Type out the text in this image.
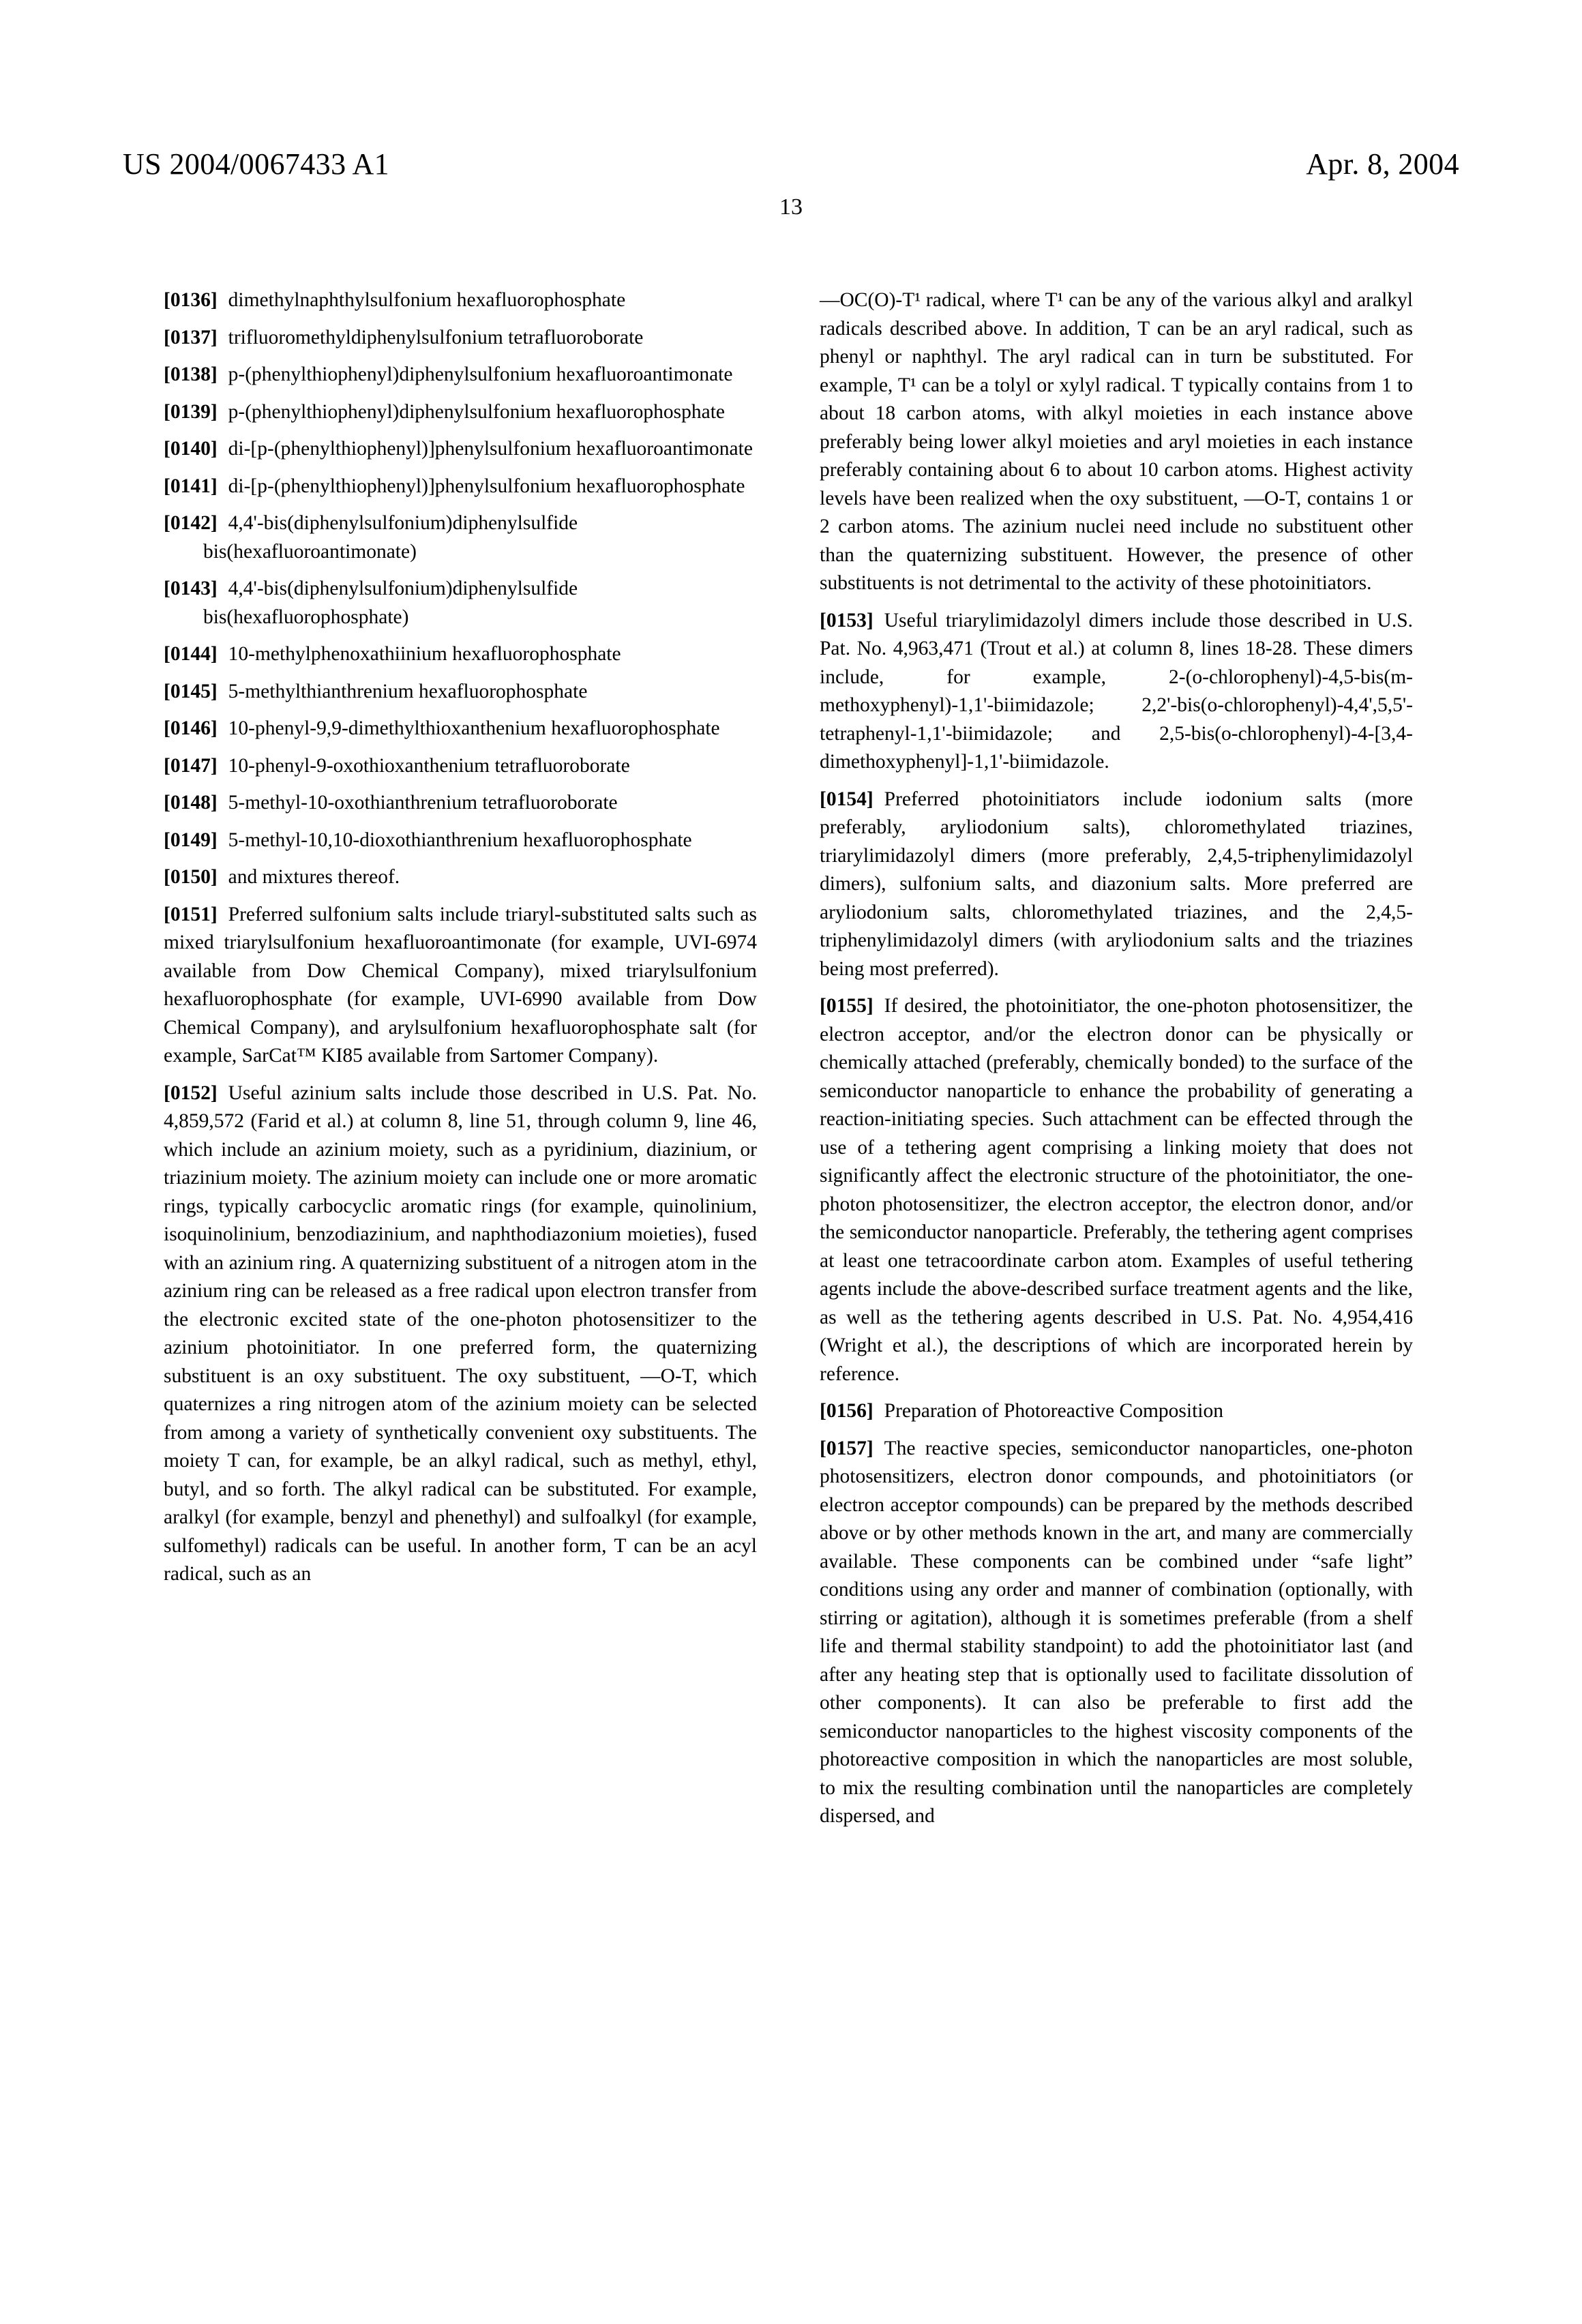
US 2004/0067433 A1	Apr. 8, 2004
13
[0136] dimethylnaphthylsulfonium hexafluorophosphate
[0137] trifluoromethyldiphenylsulfonium tetrafluoroborate
[0138] p-(phenylthiophenyl)diphenylsulfonium hexafluoroantimonate
[0139] p-(phenylthiophenyl)diphenylsulfonium hexafluorophosphate
[0140] di-[p-(phenylthiophenyl)]phenylsulfonium hexafluoroantimonate
[0141] di-[p-(phenylthiophenyl)]phenylsulfonium hexafluorophosphate
[0142] 4,4'-bis(diphenylsulfonium)diphenylsulfide bis(hexafluoroantimonate)
[0143] 4,4'-bis(diphenylsulfonium)diphenylsulfide bis(hexafluorophosphate)
[0144] 10-methylphenoxathiinium hexafluorophosphate
[0145] 5-methylthianthrenium hexafluorophosphate
[0146] 10-phenyl-9,9-dimethylthioxanthenium hexafluorophosphate
[0147] 10-phenyl-9-oxothioxanthenium tetrafluoroborate
[0148] 5-methyl-10-oxothianthrenium tetrafluoroborate
[0149] 5-methyl-10,10-dioxothianthrenium hexafluorophosphate
[0150] and mixtures thereof.
[0151] Preferred sulfonium salts include triaryl-substituted salts such as mixed triarylsulfonium hexafluoroantimonate (for example, UVI-6974 available from Dow Chemical Company), mixed triarylsulfonium hexafluorophosphate (for example, UVI-6990 available from Dow Chemical Company), and arylsulfonium hexafluorophosphate salt (for example, SarCat™ KI85 available from Sartomer Company).
[0152] Useful azinium salts include those described in U.S. Pat. No. 4,859,572 (Farid et al.) at column 8, line 51, through column 9, line 46, which include an azinium moiety, such as a pyridinium, diazinium, or triazinium moiety. The azinium moiety can include one or more aromatic rings, typically carbocyclic aromatic rings (for example, quinolinium, isoquinolinium, benzodiazinium, and naphthodiazonium moieties), fused with an azinium ring. A quaternizing substituent of a nitrogen atom in the azinium ring can be released as a free radical upon electron transfer from the electronic excited state of the one-photon photosensitizer to the azinium photoinitiator. In one preferred form, the quaternizing substituent is an oxy substituent. The oxy substituent, —O-T, which quaternizes a ring nitrogen atom of the azinium moiety can be selected from among a variety of synthetically convenient oxy substituents. The moiety T can, for example, be an alkyl radical, such as methyl, ethyl, butyl, and so forth. The alkyl radical can be substituted. For example, aralkyl (for example, benzyl and phenethyl) and sulfoalkyl (for example, sulfomethyl) radicals can be useful. In another form, T can be an acyl radical, such as an
—OC(O)-T¹ radical, where T¹ can be any of the various alkyl and aralkyl radicals described above. In addition, T can be an aryl radical, such as phenyl or naphthyl. The aryl radical can in turn be substituted. For example, T¹ can be a tolyl or xylyl radical. T typically contains from 1 to about 18 carbon atoms, with alkyl moieties in each instance above preferably being lower alkyl moieties and aryl moieties in each instance preferably containing about 6 to about 10 carbon atoms. Highest activity levels have been realized when the oxy substituent, —O-T, contains 1 or 2 carbon atoms. The azinium nuclei need include no substituent other than the quaternizing substituent. However, the presence of other substituents is not detrimental to the activity of these photoinitiators.
[0153] Useful triarylimidazolyl dimers include those described in U.S. Pat. No. 4,963,471 (Trout et al.) at column 8, lines 18-28. These dimers include, for example, 2-(o-chlorophenyl)-4,5-bis(m-methoxyphenyl)-1,1'-biimidazole; 2,2'-bis(o-chlorophenyl)-4,4',5,5'-tetraphenyl-1,1'-biimidazole; and 2,5-bis(o-chlorophenyl)-4-[3,4-dimethoxyphenyl]-1,1'-biimidazole.
[0154] Preferred photoinitiators include iodonium salts (more preferably, aryliodonium salts), chloromethylated triazines, triarylimidazolyl dimers (more preferably, 2,4,5-triphenylimidazolyl dimers), sulfonium salts, and diazonium salts. More preferred are aryliodonium salts, chloromethylated triazines, and the 2,4,5-triphenylimidazolyl dimers (with aryliodonium salts and the triazines being most preferred).
[0155] If desired, the photoinitiator, the one-photon photosensitizer, the electron acceptor, and/or the electron donor can be physically or chemically attached (preferably, chemically bonded) to the surface of the semiconductor nanoparticle to enhance the probability of generating a reaction-initiating species. Such attachment can be effected through the use of a tethering agent comprising a linking moiety that does not significantly affect the electronic structure of the photoinitiator, the one-photon photosensitizer, the electron acceptor, the electron donor, and/or the semiconductor nanoparticle. Preferably, the tethering agent comprises at least one tetracoordinate carbon atom. Examples of useful tethering agents include the above-described surface treatment agents and the like, as well as the tethering agents described in U.S. Pat. No. 4,954,416 (Wright et al.), the descriptions of which are incorporated herein by reference.
[0156] Preparation of Photoreactive Composition
[0157] The reactive species, semiconductor nanoparticles, one-photon photosensitizers, electron donor compounds, and photoinitiators (or electron acceptor compounds) can be prepared by the methods described above or by other methods known in the art, and many are commercially available. These components can be combined under “safe light” conditions using any order and manner of combination (optionally, with stirring or agitation), although it is sometimes preferable (from a shelf life and thermal stability standpoint) to add the photoinitiator last (and after any heating step that is optionally used to facilitate dissolution of other components). It can also be preferable to first add the semiconductor nanoparticles to the highest viscosity components of the photoreactive composition in which the nanoparticles are most soluble, to mix the resulting combination until the nanoparticles are completely dispersed, and
